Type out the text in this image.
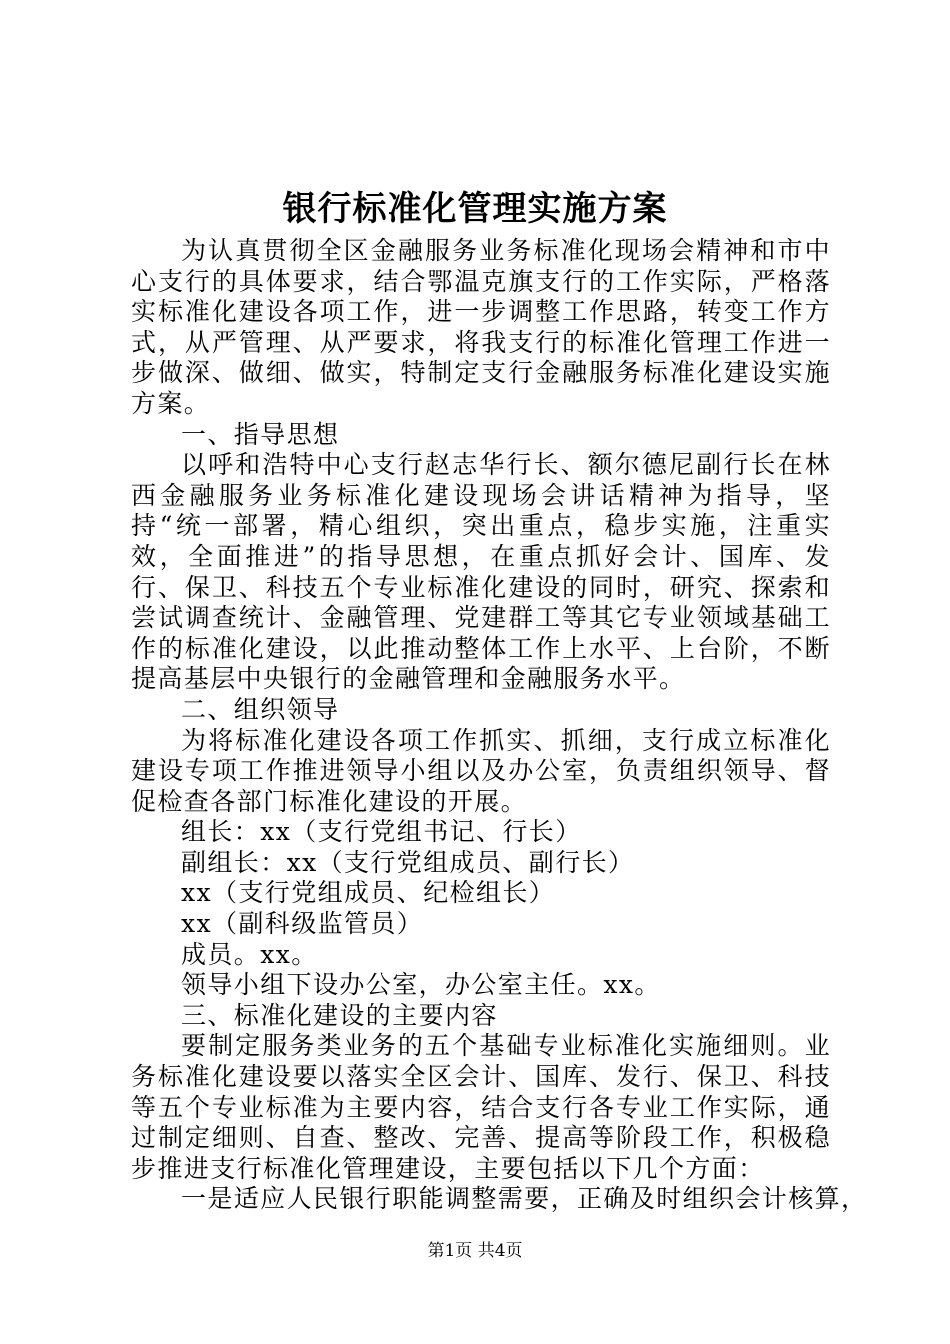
银行标准化管理实施方案

为认真贯彻全区金融服务业务标准化现场会精神和市中心支行的具体要求，结合鄂温克旗支行的工作实际，严格落实标准化建设各项工作，进一步调整工作思路，转变工作方式，从严管理、从严要求，将我支行的标准化管理工作进一步做深、做细、做实，特制定支行金融服务标准化建设实施方案。

一、指导思想

以呼和浩特中心支行赵志华行长、额尔德尼副行长在林西金融服务业务标准化建设现场会讲话精神为指导，坚持“统一部署，精心组织，突出重点，稳步实施，注重实效，全面推进”的指导思想，在重点抓好会计、国库、发行、保卫、科技五个专业标准化建设的同时，研究、探索和尝试调查统计、金融管理、党建群工等其它专业领域基础工作的标准化建设，以此推动整体工作上水平、上台阶，不断提高基层中央银行的金融管理和金融服务水平。

二、组织领导

为将标准化建设各项工作抓实、抓细，支行成立标准化建设专项工作推进领导小组以及办公室，负责组织领导、督促检查各部门标准化建设的开展。

组长：xx（支行党组书记、行长）

副组长：xx（支行党组成员、副行长）

xx（支行党组成员、纪检组长）

xx（副科级监管员）

成员。xx。

领导小组下设办公室，办公室主任。xx。

三、标准化建设的主要内容

要制定服务类业务的五个基础专业标准化实施细则。业务标准化建设要以落实全区会计、国库、发行、保卫、科技等五个专业标准为主要内容，结合支行各专业工作实际，通过制定细则、自查、整改、完善、提高等阶段工作，积极稳步推进支行标准化管理建设，主要包括以下几个方面：

一是适应人民银行职能调整需要，正确及时组织会计核算，

第1页 共4页
